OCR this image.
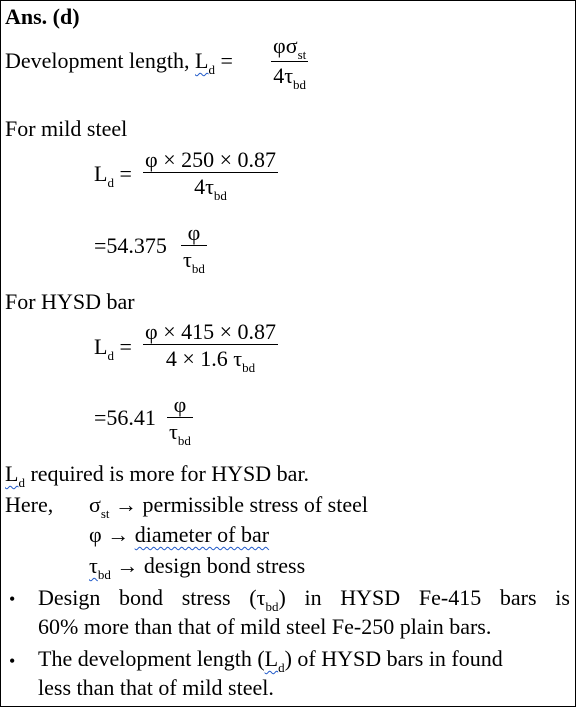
Ans. (d)
Development length, $L_d$ =
$\varphi\sigma_{st}$
$4\tau_{bd}$
For mild steel
$L_d$ =
φ × 250 × 0.87
$4\tau_{bd}$
=54.375
φ
$\tau_{bd}$
For HYSD bar
$L_d$ =
φ × 415 × 0.87
4 × 1.6 $\tau_{bd}$
=56.41
φ
$\tau_{bd}$
$L_d$ required is more for HYSD bar.
Here, $\sigma_{st}$ → permissible stress of steel
φ → diameter of bar
$\tau_{bd}$ → design bond stress
• Design bond stress $(\tau_{bd})$ in HYSD Fe-415 bars is
60% more than that of mild steel Fe-250 plain bars.
• The development length $(L_d)$ of HYSD bars in found
less than that of mild steel.
